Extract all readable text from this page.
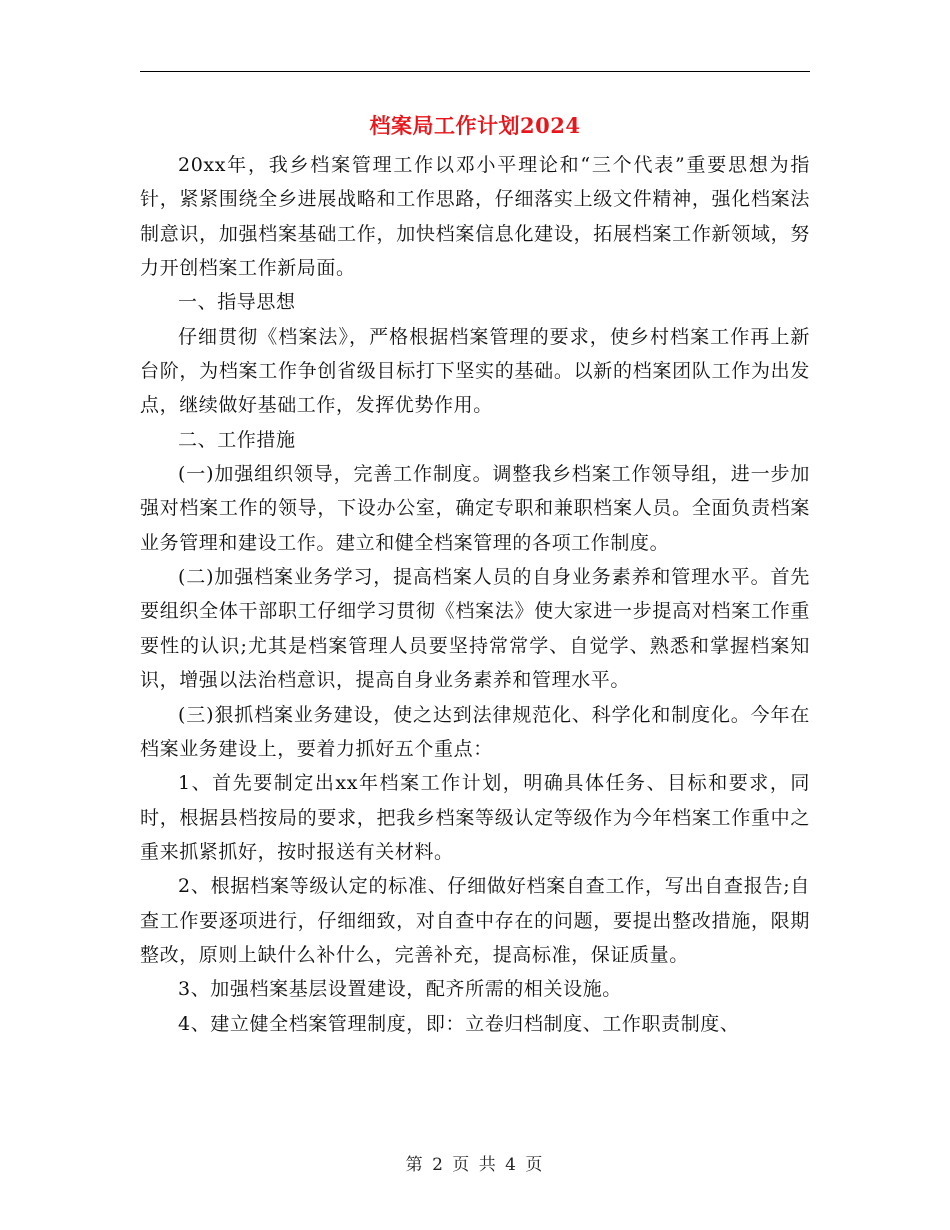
档案局工作计划2024

20xx年，我乡档案管理工作以邓小平理论和“三个代表”重要思想为指针，紧紧围绕全乡进展战略和工作思路，仔细落实上级文件精神，强化档案法制意识，加强档案基础工作，加快档案信息化建设，拓展档案工作新领域，努力开创档案工作新局面。

一、指导思想

仔细贯彻《档案法》，严格根据档案管理的要求，使乡村档案工作再上新台阶，为档案工作争创省级目标打下坚实的基础。以新的档案团队工作为出发点，继续做好基础工作，发挥优势作用。

二、工作措施

(一)加强组织领导，完善工作制度。调整我乡档案工作领导组，进一步加强对档案工作的领导，下设办公室，确定专职和兼职档案人员。全面负责档案业务管理和建设工作。建立和健全档案管理的各项工作制度。

(二)加强档案业务学习，提高档案人员的自身业务素养和管理水平。首先要组织全体干部职工仔细学习贯彻《档案法》使大家进一步提高对档案工作重要性的认识;尤其是档案管理人员要坚持常常学、自觉学、熟悉和掌握档案知识，增强以法治档意识，提高自身业务素养和管理水平。

(三)狠抓档案业务建设，使之达到法律规范化、科学化和制度化。今年在档案业务建设上，要着力抓好五个重点：

1、首先要制定出xx年档案工作计划，明确具体任务、目标和要求，同时，根据县档按局的要求，把我乡档案等级认定等级作为今年档案工作重中之重来抓紧抓好，按时报送有关材料。

2、根据档案等级认定的标准、仔细做好档案自查工作，写出自查报告;自查工作要逐项进行，仔细细致，对自查中存在的问题，要提出整改措施，限期整改，原则上缺什么补什么，完善补充，提高标准，保证质量。

3、加强档案基层设置建设，配齐所需的相关设施。

4、建立健全档案管理制度，即：立卷归档制度、工作职责制度、

第 2 页 共 4 页
